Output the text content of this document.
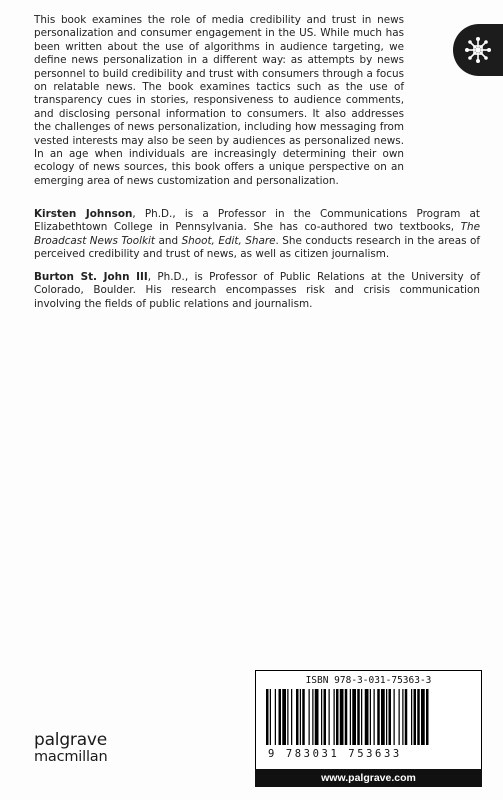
This book examines the role of media credibility and trust in news personalization and consumer engagement in the US. While much has been written about the use of algorithms in audience targeting, we define news personalization in a different way: as attempts by news personnel to build credibility and trust with consumers through a focus on relatable news. The book examines tactics such as the use of transparency cues in stories, responsiveness to audience comments, and disclosing personal information to consumers. It also addresses the challenges of news personalization, including how messaging from vested interests may also be seen by audiences as personalized news. In an age when individuals are increasingly determining their own ecology of news sources, this book offers a unique perspective on an emerging area of news customization and personalization.

Kirsten Johnson, Ph.D., is a Professor in the Communications Program at Elizabethtown College in Pennsylvania. She has co-authored two textbooks, The Broadcast News Toolkit and Shoot, Edit, Share. She conducts research in the areas of perceived credibility and trust of news, as well as citizen journalism.

Burton St. John III, Ph.D., is Professor of Public Relations at the University of Colorado, Boulder. His research encompasses risk and crisis communication involving the fields of public relations and journalism.

palgrave
macmillan
ISBN 978-3-031-75363-3
9 783031 753633
www.palgrave.com
